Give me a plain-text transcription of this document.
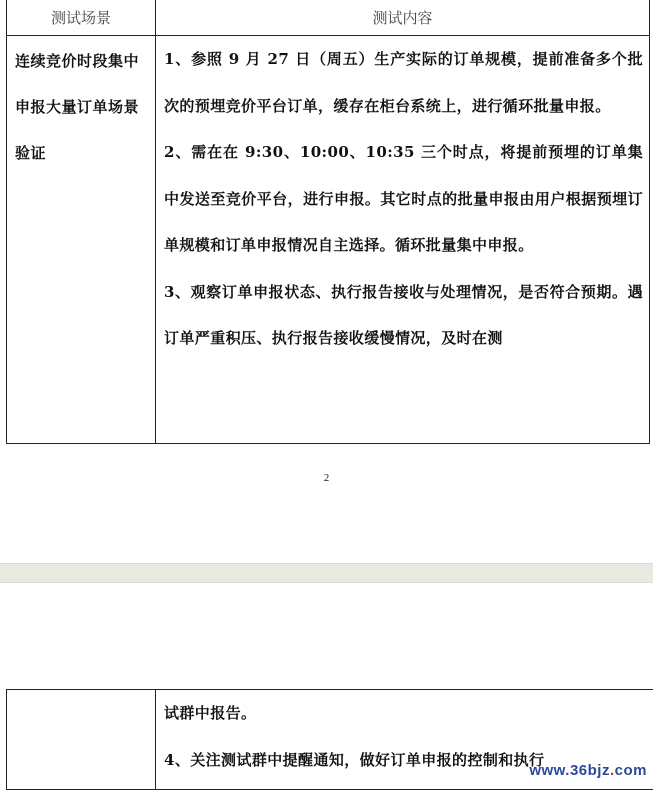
测试场景	测试内容
连续竞价时段集中申报大量订单场景验证	1、参照 9 月 27 日（周五）生产实际的订单规模，提前准备多个批次的预埋竞价平台订单，缓存在柜台系统上，进行循环批量申报。

2、需在在 9:30、10:00、10:35 三个时点，将提前预埋的订单集中发送至竞价平台，进行申报。其它时点的批量申报由用户根据预埋订单规模和订单申报情况自主选择。循环批量集中申报。

3、观察订单申报状态、执行报告接收与处理情况，是否符合预期。遇订单严重积压、执行报告接收缓慢情况，及时在测

2

试群中报告。

4、关注测试群中提醒通知，做好订单申报的控制和执行

www.36bjz.com
